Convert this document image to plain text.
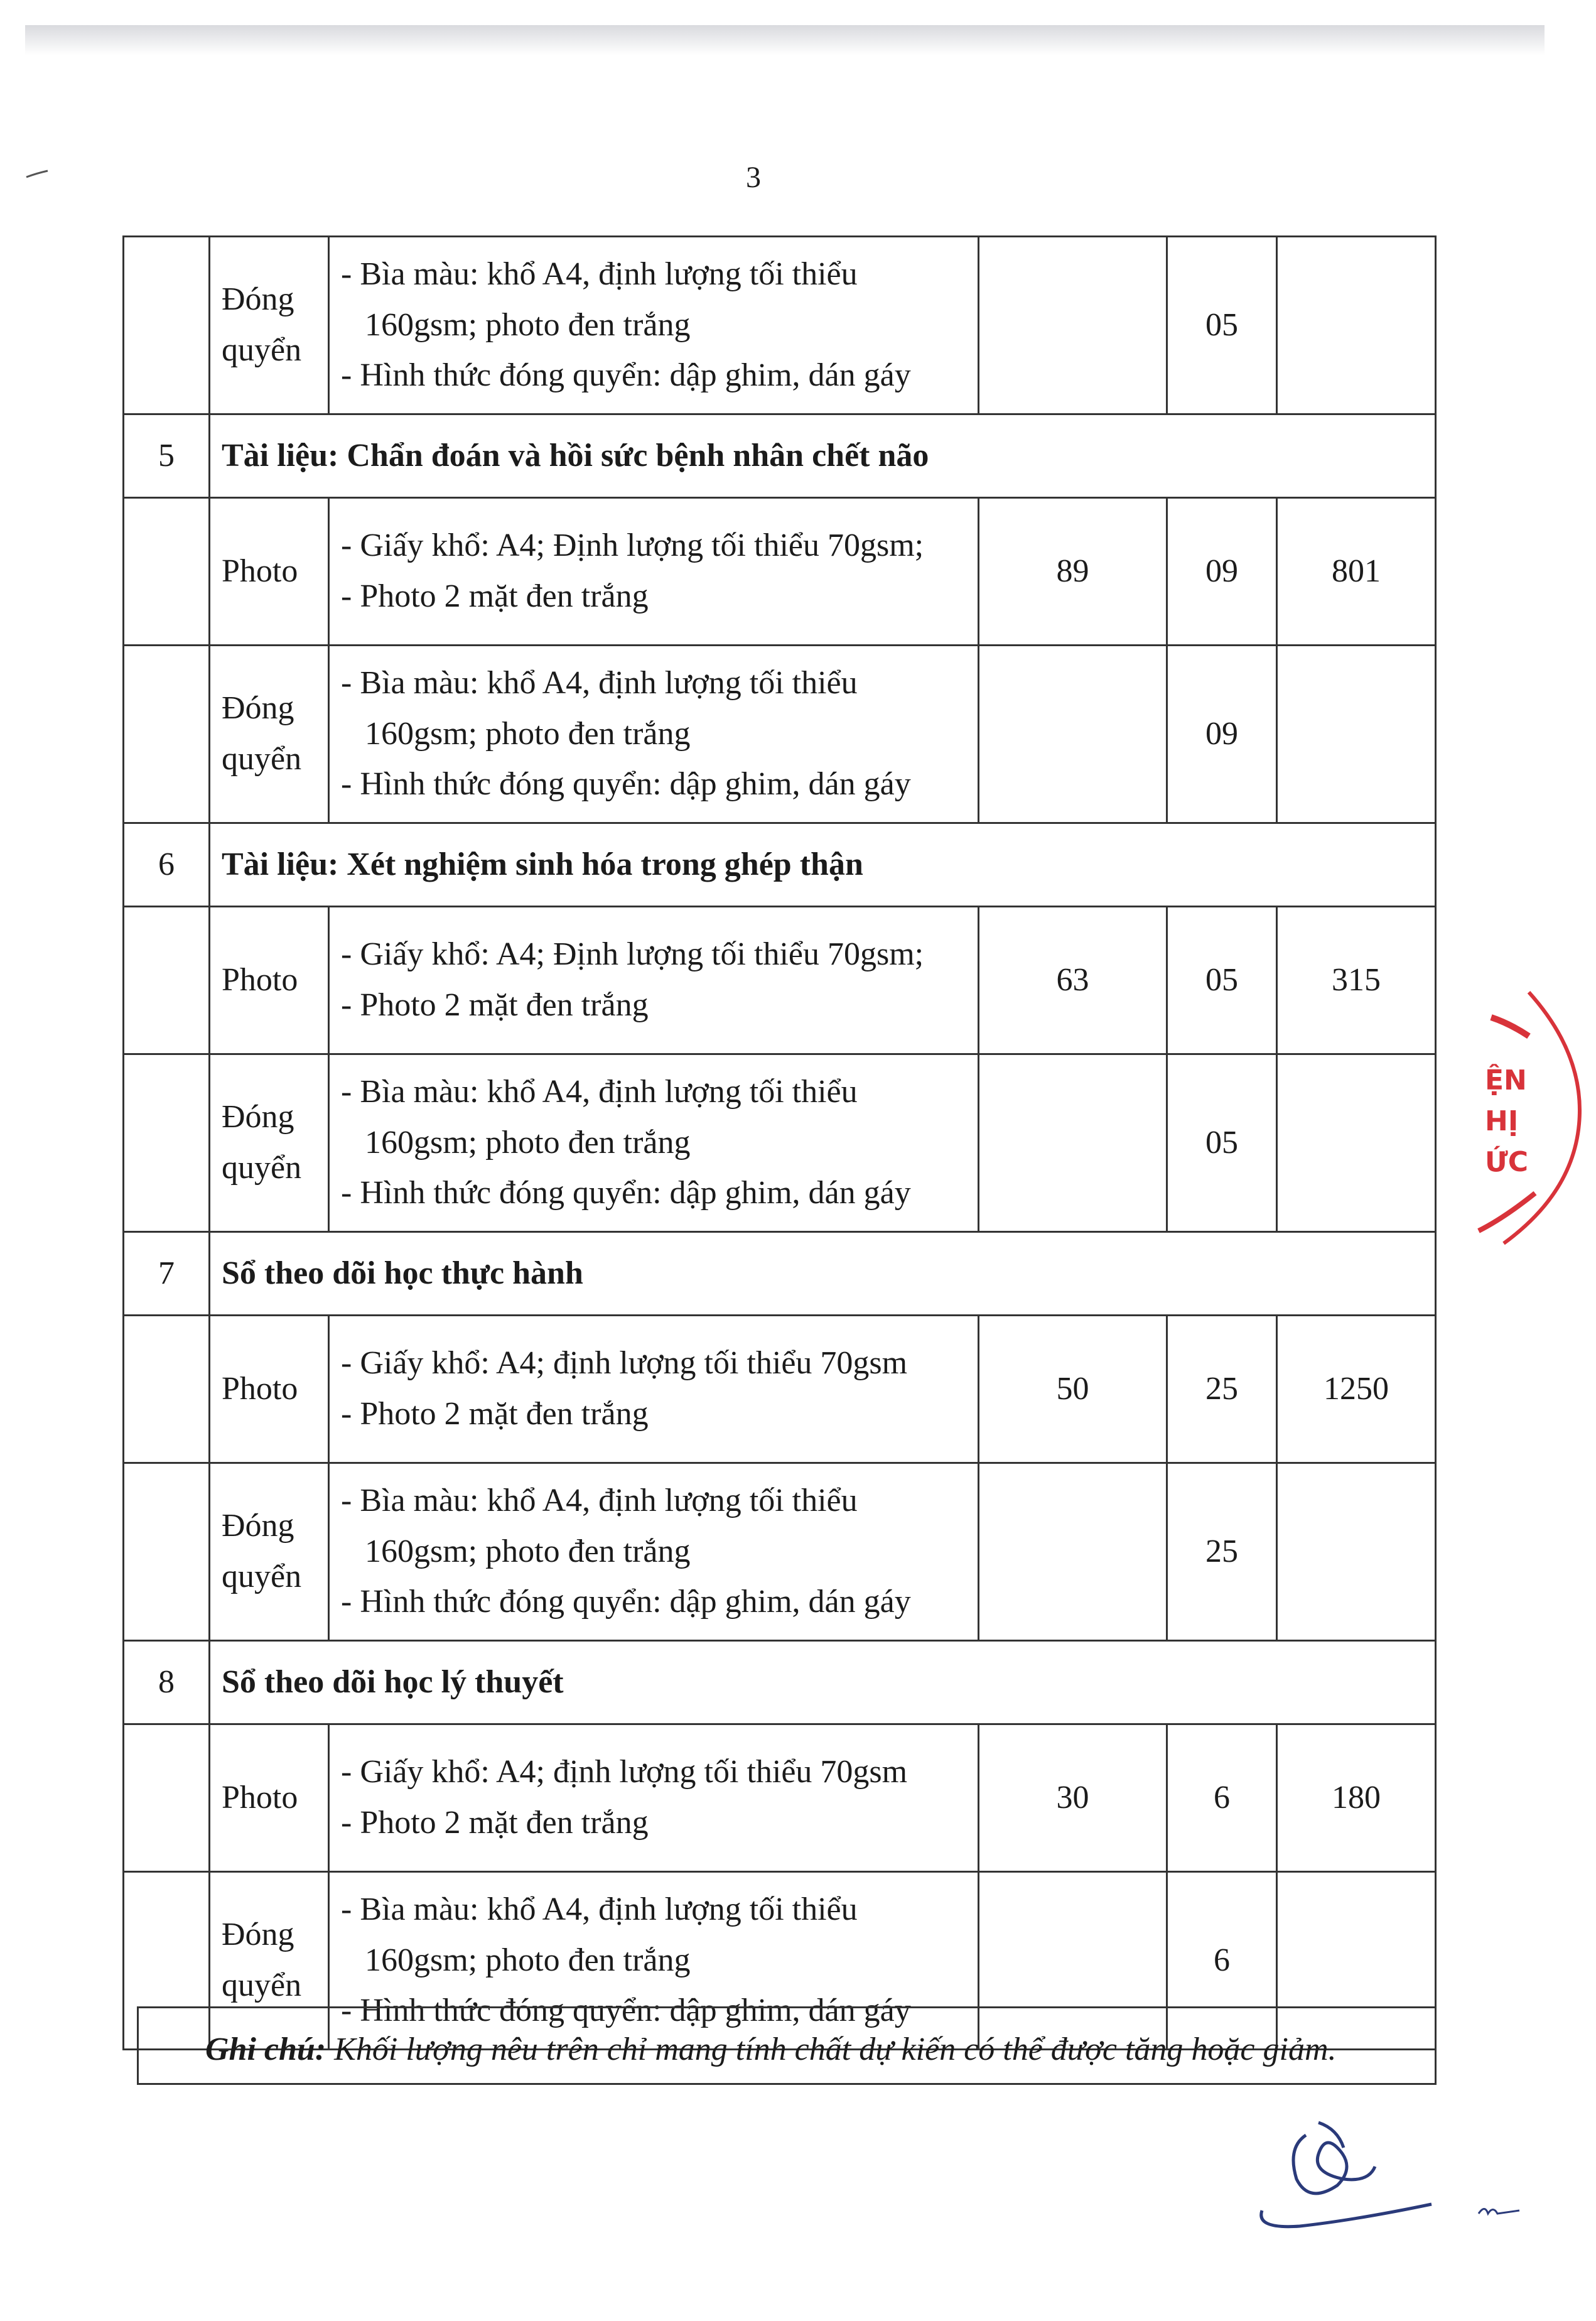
3
	Đóng
quyển	- Bìa màu: khổ A4, định lượng tối thiểu
160gsm; photo đen trắng
- Hình thức đóng quyển: dập ghim, dán gáy		05	
5	Tài liệu: Chẩn đoán và hồi sức bệnh nhân chết não				
	Photo	- Giấy khổ: A4; Định lượng tối thiểu 70gsm;
- Photo 2 mặt đen trắng	89	09	801
	Đóng
quyển	- Bìa màu: khổ A4, định lượng tối thiểu
160gsm; photo đen trắng
- Hình thức đóng quyển: dập ghim, dán gáy		09	
6	Tài liệu: Xét nghiệm sinh hóa trong ghép thận				
	Photo	- Giấy khổ: A4; Định lượng tối thiểu 70gsm;
- Photo 2 mặt đen trắng	63	05	315
	Đóng
quyển	- Bìa màu: khổ A4, định lượng tối thiểu
160gsm; photo đen trắng
- Hình thức đóng quyển: dập ghim, dán gáy		05	
7	Sổ theo dõi học thực hành				
	Photo	- Giấy khổ: A4; định lượng tối thiểu 70gsm
- Photo 2 mặt đen trắng	50	25	1250
	Đóng
quyển	- Bìa màu: khổ A4, định lượng tối thiểu
160gsm; photo đen trắng
- Hình thức đóng quyển: dập ghim, dán gáy		25	
8	Sổ theo dõi học lý thuyết				
	Photo	- Giấy khổ: A4; định lượng tối thiểu 70gsm
- Photo 2 mặt đen trắng	30	6	180
	Đóng
quyển	- Bìa màu: khổ A4, định lượng tối thiểu
160gsm; photo đen trắng
- Hình thức đóng quyển: dập ghim, dán gáy		6	
Ghi chú: Khối lượng nêu trên chỉ mang tính chất dự kiến có thể được tăng hoặc giảm.
ỆN
HỊ
ỨC
